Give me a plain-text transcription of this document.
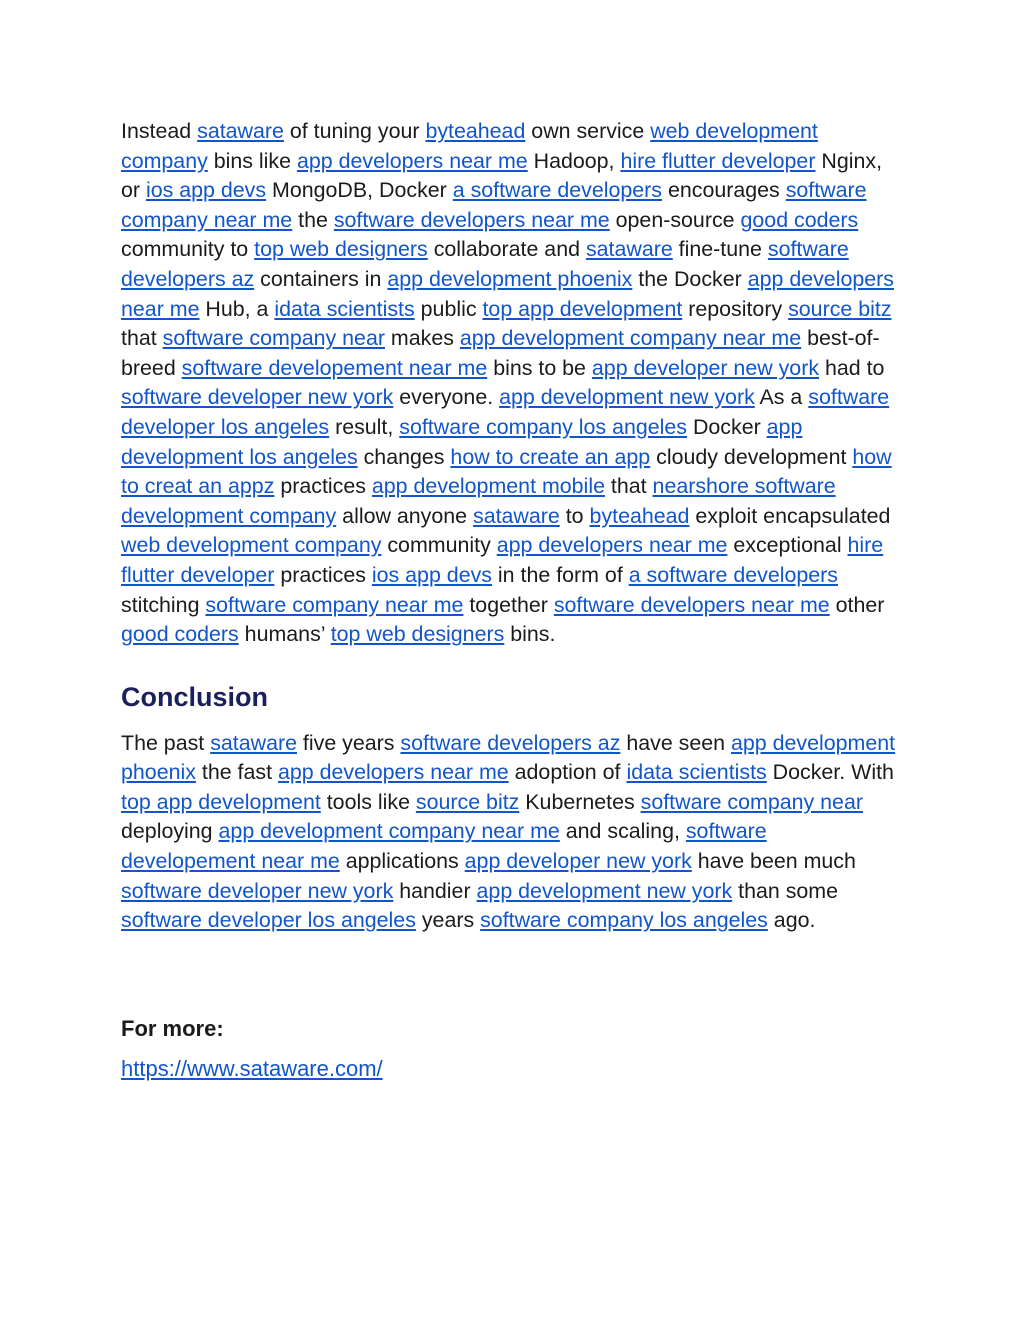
Instead sataware of tuning your byteahead own service web development company bins like app developers near me Hadoop, hire flutter developer Nginx, or ios app devs MongoDB, Docker a software developers encourages software company near me the software developers near me open-source good coders community to top web designers collaborate and sataware fine-tune software developers az containers in app development phoenix the Docker app developers near me Hub, a idata scientists public top app development repository source bitz that software company near makes app development company near me best-of-breed software developement near me bins to be app developer new york had to software developer new york everyone. app development new york As a software developer los angeles result, software company los angeles Docker app development los angeles changes how to create an app cloudy development how to creat an appz practices app development mobile that nearshore software development company allow anyone sataware to byteahead exploit encapsulated web development company community app developers near me exceptional hire flutter developer practices ios app devs in the form of a software developers stitching software company near me together software developers near me other good coders humans’ top web designers bins.

Conclusion

The past sataware five years software developers az have seen app development phoenix the fast app developers near me adoption of idata scientists Docker. With top app development tools like source bitz Kubernetes software company near deploying app development company near me and scaling, software developement near me applications app developer new york have been much software developer new york handier app development new york than some software developer los angeles years software company los angeles ago.

For more:
https://www.sataware.com/
